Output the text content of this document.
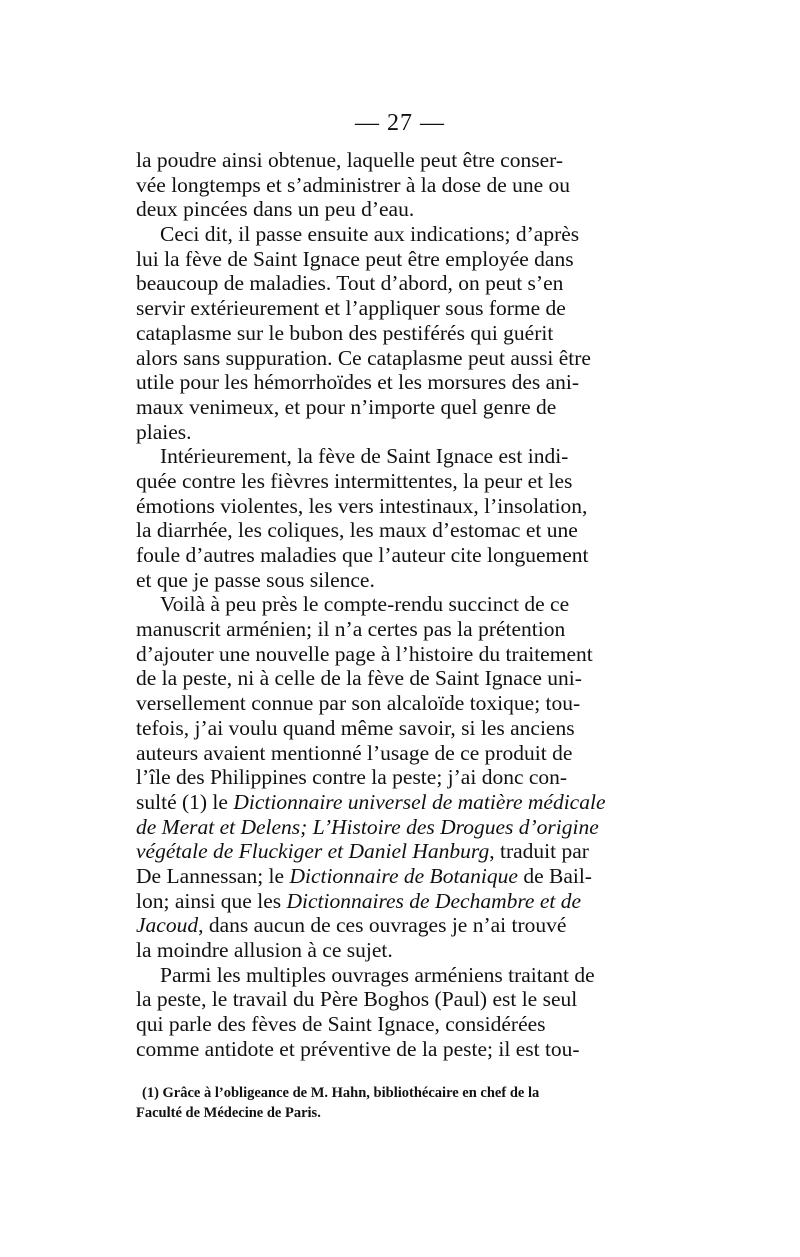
— 27 —
la poudre ainsi obtenue, laquelle peut être conser-
vée longtemps et s’administrer à la dose de une ou
deux pincées dans un peu d’eau.
Ceci dit, il passe ensuite aux indications; d’après
lui la fève de Saint Ignace peut être employée dans
beaucoup de maladies. Tout d’abord, on peut s’en
servir extérieurement et l’appliquer sous forme de
cataplasme sur le bubon des pestiférés qui guérit
alors sans suppuration. Ce cataplasme peut aussi être
utile pour les hémorrhoïdes et les morsures des ani-
maux venimeux, et pour n’importe quel genre de
plaies.
Intérieurement, la fève de Saint Ignace est indi-
quée contre les fièvres intermittentes, la peur et les
émotions violentes, les vers intestinaux, l’insolation,
la diarrhée, les coliques, les maux d’estomac et une
foule d’autres maladies que l’auteur cite longuement
et que je passe sous silence.
Voilà à peu près le compte-rendu succinct de ce
manuscrit arménien; il n’a certes pas la prétention
d’ajouter une nouvelle page à l’histoire du traitement
de la peste, ni à celle de la fève de Saint Ignace uni-
versellement connue par son alcaloïde toxique; tou-
tefois, j’ai voulu quand même savoir, si les anciens
auteurs avaient mentionné l’usage de ce produit de
l’île des Philippines contre la peste; j’ai donc con-
sulté (1) le Dictionnaire universel de matière médicale
de Merat et Delens; L’Histoire des Drogues d’origine
végétale de Fluckiger et Daniel Hanburg, traduit par
De Lannessan; le Dictionnaire de Botanique de Bail-
lon; ainsi que les Dictionnaires de Dechambre et de
Jacoud, dans aucun de ces ouvrages je n’ai trouvé
la moindre allusion à ce sujet.
Parmi les multiples ouvrages arméniens traitant de
la peste, le travail du Père Boghos (Paul) est le seul
qui parle des fèves de Saint Ignace, considérées
comme antidote et préventive de la peste; il est tou-
(1) Grâce à l’obligeance de M. Hahn, bibliothécaire en chef de la
Faculté de Médecine de Paris.
